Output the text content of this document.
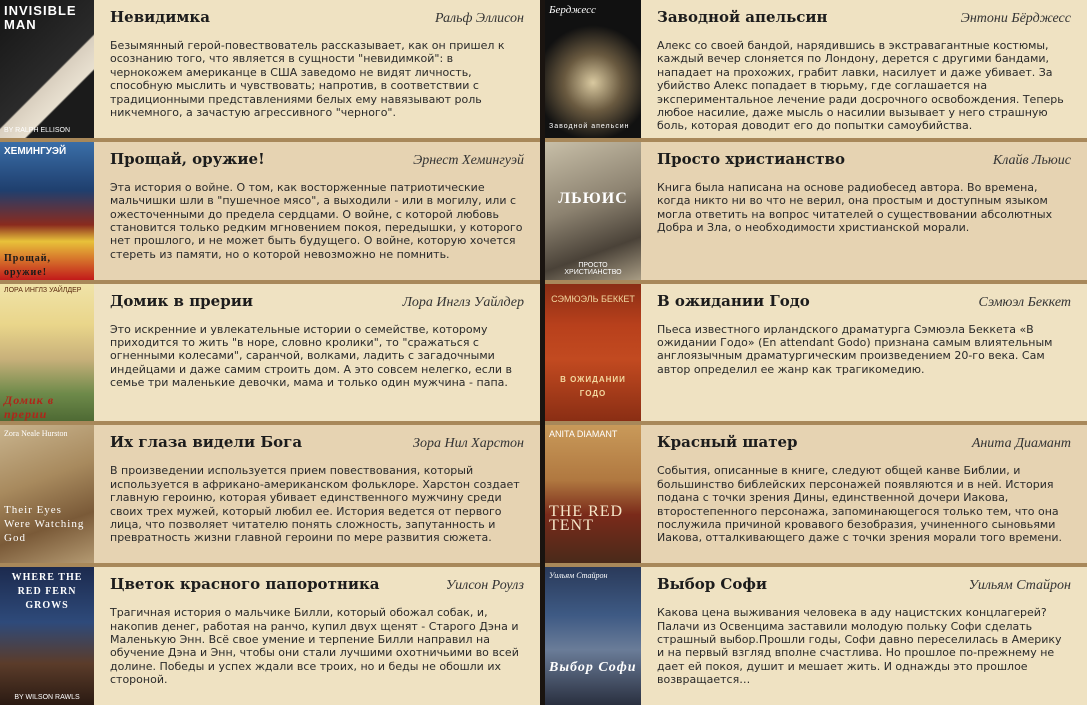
INVISIBLE MAN
BY RALPH ELLISON
Невидимка	Ральф Эллисон
Безымянный герой-повествователь рассказывает, как он пришел к осознанию того, что является в сущности "невидимкой": в чернокожем американце в США заведомо не видят личность, способную мыслить и чувствовать; напротив, в соответствии с традиционными представлениями белых ему навязывают роль никчемного, а зачастую агрессивного "черного".
ХЕМИНГУЭЙ
Прощай, оружие!
Прощай, оружие!	Эрнест Хемингуэй
Эта история о войне. О том, как восторженные патриотические мальчишки шли в "пушечное мясо", а выходили - или в могилу, или с ожесточенными до предела сердцами. О войне, с которой любовь становится только редким мгновением покоя, передышки, у которого нет прошлого, и не может быть будущего. О войне, которую хочется стереть из памяти, но о которой невозможно не помнить.
ЛОРА ИНГЛЗ УАЙЛДЕР
Домик в прерии
Домик в прерии	Лора Инглз Уайлдер
Это искренние и увлекательные истории о семействе, которому приходится то жить "в норе, словно кролики", то "сражаться с огненными колесами", саранчой, волками, ладить с загадочными индейцами и даже самим строить дом. А это совсем нелегко, если в семье три маленькие девочки, мама и только один мужчина - папа.
Zora Neale Hurston
Their Eyes Were Watching God
Их глаза видели Бога	Зора Нил Харстон
В произведении используется прием повествования, который используется в африкано-американском фольклоре. Харстон создает главную героиню, которая убивает единственного мужчину среди своих трех мужей, который любил ее. История ведется от первого лица, что позволяет читателю понять сложность, запутанность и превратность жизни главной героини по мере развития сюжета.
WHERE THE RED FERN GROWS
BY WILSON RAWLS
Цветок красного папоротника	Уилсон Роулз
Трагичная история о мальчике Билли, который обожал собак, и, накопив денег, работая на ранчо, купил двух щенят - Старого Дэна и Маленькую Энн. Всё свое умение и терпение Билли направил на обучение Дэна и Энн, чтобы они стали лучшими охотничьими во всей долине. Победы и успех ждали все троих, но и беды не обошли их стороной.
Берджесс
Заводной апельсин
Заводной апельсин	Энтони Бёрджесс
Алекс со своей бандой, нарядившись в экстравагантные костюмы, каждый вечер слоняется по Лондону, дерется с другими бандами, нападает на прохожих, грабит лавки, насилует и даже убивает. За убийство Алекс попадает в тюрьму, где соглашается на экспериментальное лечение ради досрочного освобождения. Теперь любое насилие, даже мысль о насилии вызывает у него страшную боль, которая доводит его до попытки самоубийства.
ЛЬЮИС
ПРОСТО ХРИСТИАНСТВО
Просто христианство	Клайв Льюис
Книга была написана на основе радиобесед автора. Во времена, когда никто ни во что не верил, она простым и доступным языком могла ответить на вопрос читателей о существовании абсолютных Добра и Зла, о необходимости христианской морали.
СЭМЮЭЛЬ БЕККЕТ
В ОЖИДАНИИ ГОДО
В ожидании Годо	Сэмюэл Беккет
Пьеса известного ирландского драматурга Сэмюэла Беккета «В ожидании Годо» (En attendant Godo) признана самым влиятельным англоязычным драматургическим произведением 20-го века. Сам автор определил ее жанр как трагикомедию.
ANITA DIAMANT
THE RED TENT
Красный шатер	Анита Диамант
События, описанные в книге, следуют общей канве Библии, и большинство библейских персонажей появляются и в ней. История подана с точки зрения Дины, единственной дочери Иакова, второстепенного персонажа, запоминающегося только тем, что она послужила причиной кровавого безобразия, учиненного сыновьями Иакова, отталкивающего даже с точки зрения морали того времени.
Уильям Стайрон
Выбор Софи
Выбор Софи	Уильям Стайрон
Какова цена выживания человека в аду нацистских концлагерей? Палачи из Освенцима заставили молодую польку Софи сделать страшный выбор.Прошли годы, Софи давно переселилась в Америку и на первый взгляд вполне счастлива. Но прошлое по-прежнему не дает ей покоя, душит и мешает жить. И однажды это прошлое возвращается…
